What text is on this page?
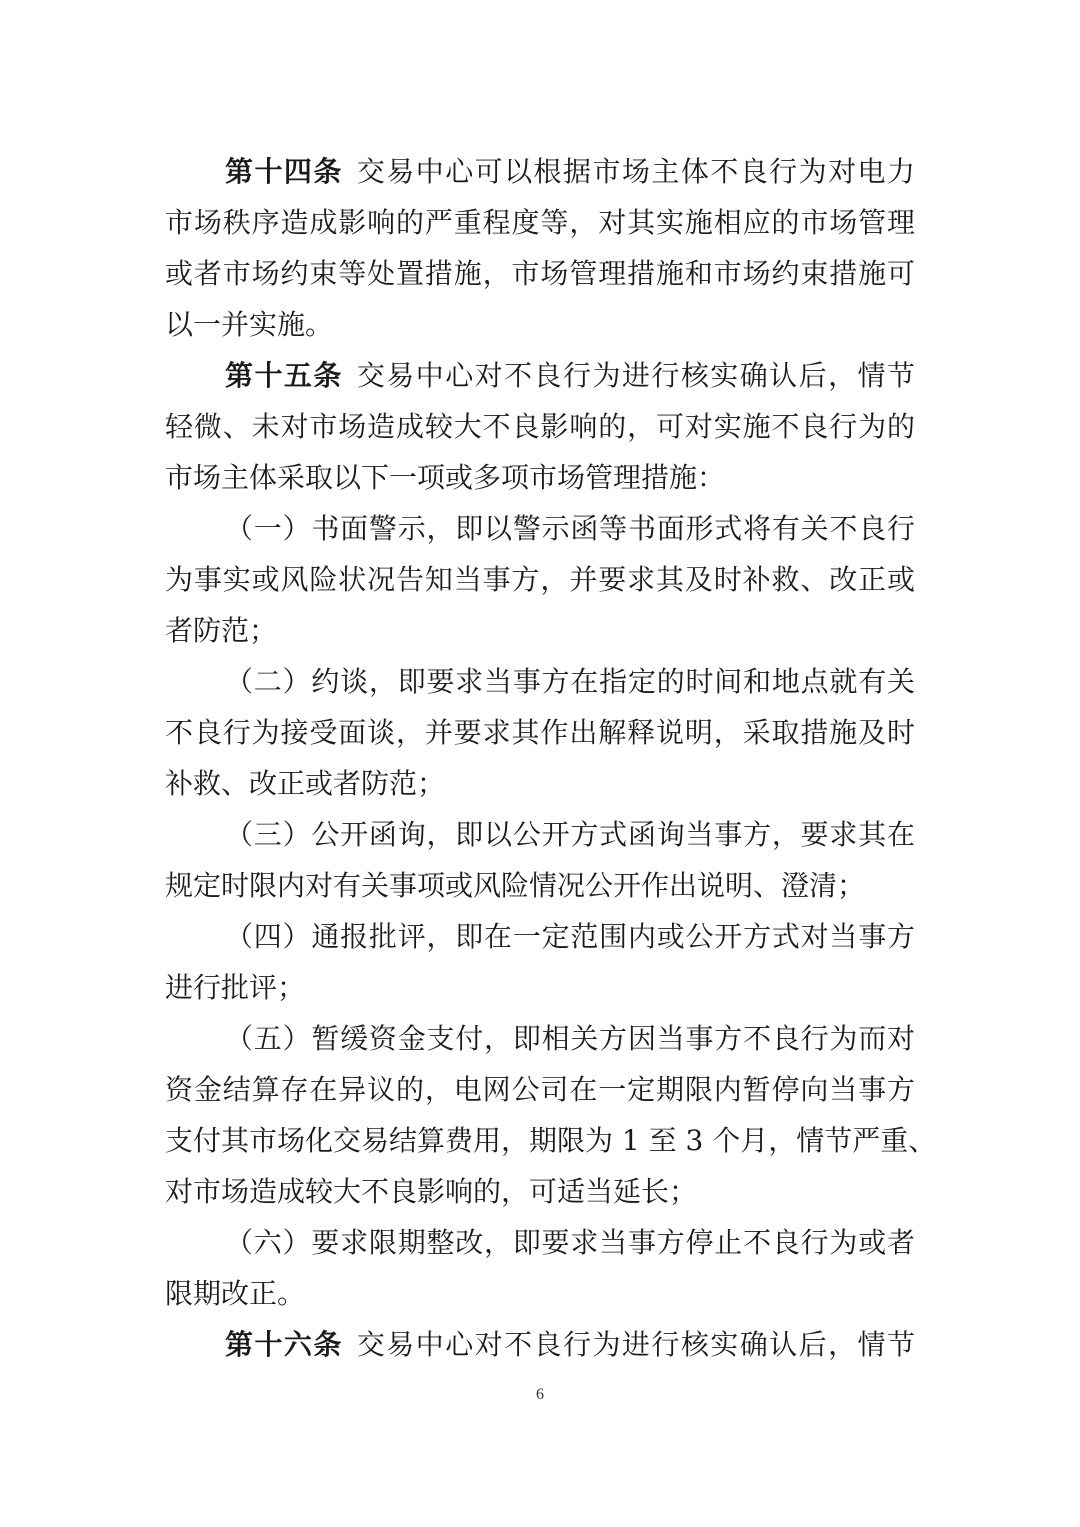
第十四条 交易中心可以根据市场主体不良行为对电力
市场秩序造成影响的严重程度等，对其实施相应的市场管理
或者市场约束等处置措施，市场管理措施和市场约束措施可
以一并实施。
第十五条 交易中心对不良行为进行核实确认后，情节
轻微、未对市场造成较大不良影响的，可对实施不良行为的
市场主体采取以下一项或多项市场管理措施：
（一）书面警示，即以警示函等书面形式将有关不良行
为事实或风险状况告知当事方，并要求其及时补救、改正或
者防范；
（二）约谈，即要求当事方在指定的时间和地点就有关
不良行为接受面谈，并要求其作出解释说明，采取措施及时
补救、改正或者防范；
（三）公开函询，即以公开方式函询当事方，要求其在
规定时限内对有关事项或风险情况公开作出说明、澄清；
（四）通报批评，即在一定范围内或公开方式对当事方
进行批评；
（五）暂缓资金支付，即相关方因当事方不良行为而对
资金结算存在异议的，电网公司在一定期限内暂停向当事方
支付其市场化交易结算费用，期限为 1 至 3 个月，情节严重、
对市场造成较大不良影响的，可适当延长；
（六）要求限期整改，即要求当事方停止不良行为或者
限期改正。
第十六条 交易中心对不良行为进行核实确认后，情节
6
